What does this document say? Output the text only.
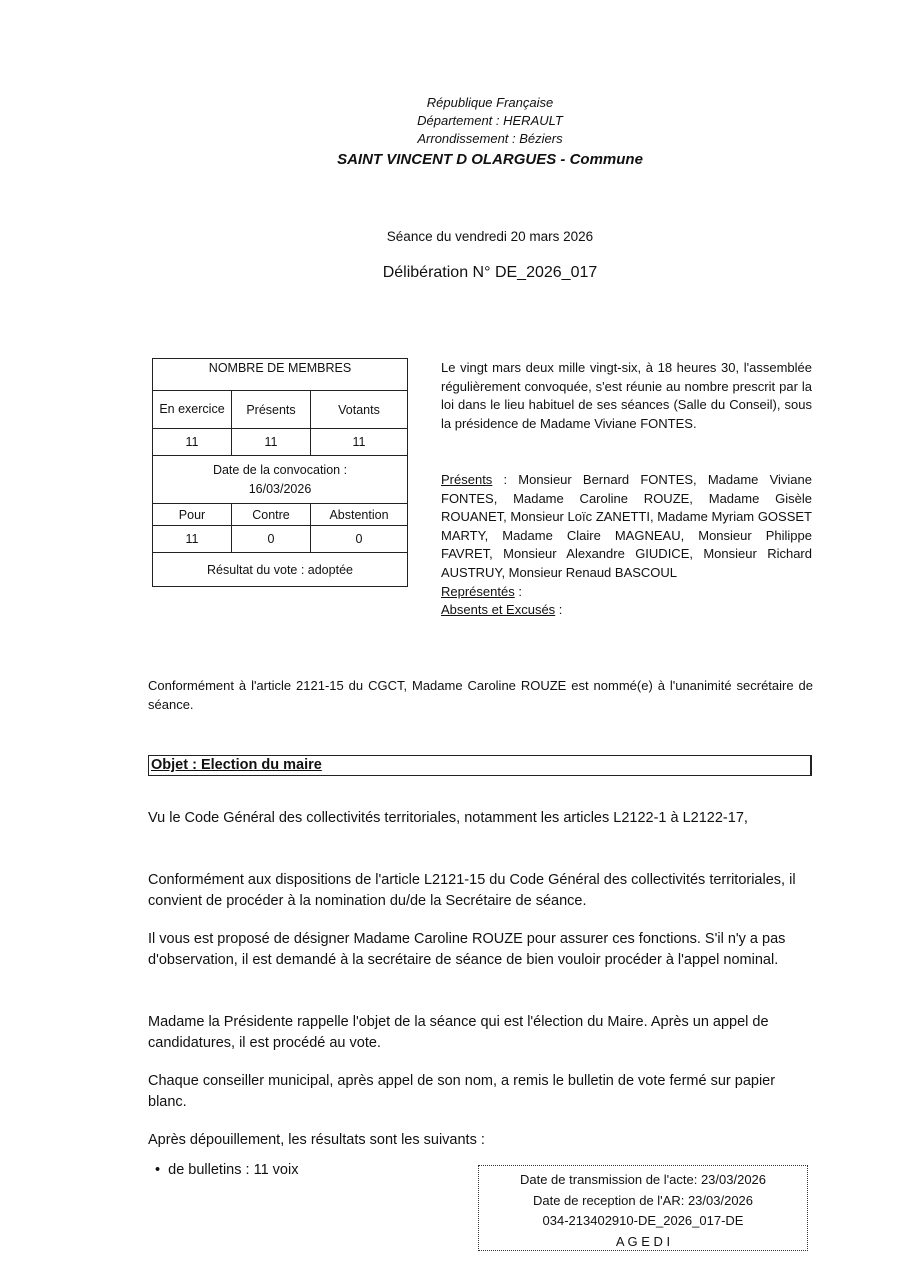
République Française
Département : HERAULT
Arrondissement : Béziers
SAINT VINCENT D OLARGUES - Commune
Séance du vendredi 20 mars 2026
Délibération N° DE_2026_017
NOMBRE DE MEMBRES		
En exercice	Présents	Votants
11	11	11
Date de la convocation :
16/03/2026		
Pour	Contre	Abstention
11	0	0
Résultat du vote : adoptée		
Le vingt mars deux mille vingt-six, à 18 heures 30, l'assemblée régulièrement convoquée, s'est réunie au nombre prescrit par la loi dans le lieu habituel de ses séances (Salle du Conseil), sous la présidence de Madame Viviane FONTES.
Présents : Monsieur Bernard FONTES, Madame Viviane FONTES, Madame Caroline ROUZE, Madame Gisèle ROUANET, Monsieur Loïc ZANETTI, Madame Myriam GOSSET MARTY, Madame Claire MAGNEAU, Monsieur Philippe FAVRET, Monsieur Alexandre GIUDICE, Monsieur Richard AUSTRUY, Monsieur Renaud BASCOUL
Représentés :
Absents et Excusés :
Conformément à l'article 2121-15 du CGCT, Madame Caroline ROUZE est nommé(e) à l'unanimité secrétaire de séance.
Objet : Election du maire
Vu le Code Général des collectivités territoriales, notamment les articles L2122-1 à L2122-17,
Conformément aux dispositions de l'article L2121-15 du Code Général des collectivités territoriales, il convient de procéder à la nomination du/de la Secrétaire de séance.
Il vous est proposé de désigner Madame Caroline ROUZE pour assurer ces fonctions. S'il n'y a pas d'observation, il est demandé à la secrétaire de séance de bien vouloir procéder à l'appel nominal.
Madame la Présidente rappelle l'objet de la séance qui est l'élection du Maire. Après un appel de candidatures, il est procédé au vote.
Chaque conseiller municipal, après appel de son nom, a remis le bulletin de vote fermé sur papier blanc.
Après dépouillement, les résultats sont les suivants :
• de bulletins : 11 voix
Date de transmission de l'acte: 23/03/2026
Date de reception de l'AR: 23/03/2026
034-213402910-DE_2026_017-DE
A G E D I
